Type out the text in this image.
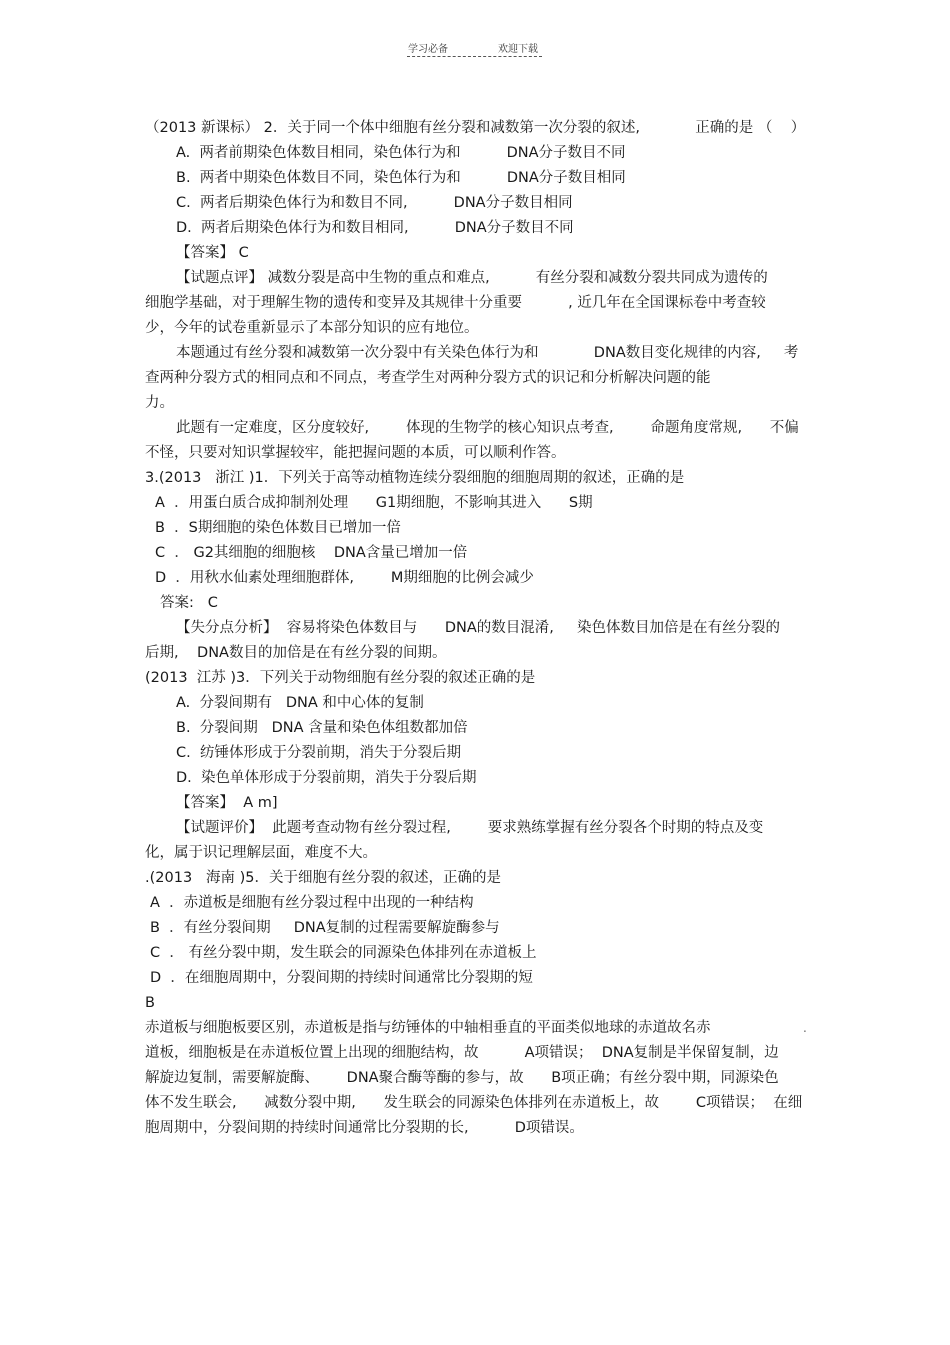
学习必备	欢迎下载
（2013 新课标） 2．关于同一个体中细胞有丝分裂和减数第一次分裂的叙述,            正确的是 （    ）
A.  两者前期染色体数目相同，染色体行为和          DNA分子数目不同
B.  两者中期染色体数目不同，染色体行为和          DNA分子数目相同
C.  两者后期染色体行为和数目不同,          DNA分子数目相同
D.  两者后期染色体行为和数目相同,          DNA分子数目不同
【答案】 C
【试题点评】 减数分裂是高中生物的重点和难点,          有丝分裂和减数分裂共同成为遗传的
细胞学基础，对于理解生物的遗传和变异及其规律十分重要          , 近几年在全国课标卷中考查较
少，今年的试卷重新显示了本部分知识的应有地位。
本题通过有丝分裂和减数第一次分裂中有关染色体行为和            DNA数目变化规律的内容,     考
查两种分裂方式的相同点和不同点，考查学生对两种分裂方式的识记和分析解决问题的能
力。
此题有一定难度，区分度较好,        体现的生物学的核心知识点考查,        命题角度常规,      不偏
不怪，只要对知识掌握较牢，能把握问题的本质，可以顺利作答。
3.(2013   浙江 )1．下列关于高等动植物连续分裂细胞的细胞周期的叙述，正确的是
A  ．用蛋白质合成抑制剂处理      G1期细胞，不影响其进入      S期
B  ．S期细胞的染色体数目已增加一倍
C  ． G2其细胞的细胞核    DNA含量已增加一倍
D  ．用秋水仙素处理细胞群体,        M期细胞的比例会减少
答案:   C
【失分点分析】  容易将染色体数目与      DNA的数目混淆,     染色体数目加倍是在有丝分裂的
后期,    DNA数目的加倍是在有丝分裂的间期。
(2013  江苏 )3．下列关于动物细胞有丝分裂的叙述正确的是
A.  分裂间期有   DNA 和中心体的复制
B.  分裂间期   DNA 含量和染色体组数都加倍
C.  纺锤体形成于分裂前期，消失于分裂后期
D.  染色单体形成于分裂前期，消失于分裂后期
【答案】  A m]
【试题评价】  此题考查动物有丝分裂过程,        要求熟练掌握有丝分裂各个时期的特点及变
化，属于识记理解层面，难度不大。
.(2013   海南 )5．关于细胞有丝分裂的叙述，正确的是
A  ．赤道板是细胞有丝分裂过程中出现的一种结构
B  ．有丝分裂间期     DNA复制的过程需要解旋酶参与
C  ． 有丝分裂中期，发生联会的同源染色体排列在赤道板上
D  ．在细胞周期中，分裂间期的持续时间通常比分裂期的短
B
赤道板与细胞板要区别，赤道板是指与纺锤体的中轴相垂直的平面类似地球的赤道故名赤	.
道板，细胞板是在赤道板位置上出现的细胞结构，故          A项错误；  DNA复制是半保留复制，边
解旋边复制，需要解旋酶、      DNA聚合酶等酶的参与，故      B项正确；有丝分裂中期，同源染色
体不发生联会,      减数分裂中期,      发生联会的同源染色体排列在赤道板上，故        C项错误；  在细
胞周期中，分裂间期的持续时间通常比分裂期的长,          D项错误。
